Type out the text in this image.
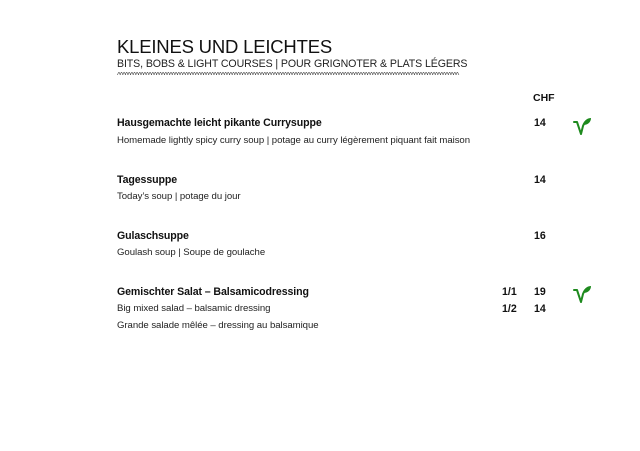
KLEINES UND LEICHTES
BITS, BOBS & LIGHT COURSES | POUR GRIGNOTER & PLATS LÉGERS
^^^^^^^^^^^^^^^^^^^^^^^^^^^^^^^^^^^^^^^^^^^^^^^^^^^^^^^^^^^^^^^^^^^^^^^^^^^^^^^^^^^^^^^^^^^^^^^^^^^^^^^^^^^^^^^^^^^^^^^^^^^^^^^^^^^
CHF
Hausgemachte leicht pikante Currysuppe
Homemade lightly spicy curry soup | potage au curry légèrement piquant fait maison
14
Tagessuppe
Today’s soup | potage du jour
14
Gulaschsuppe
Goulash soup | Soupe de goulache
16
Gemischter Salat – Balsamicodressing
Big mixed salad – balsamic dressing
Grande salade mêlée – dressing au balsamique
1/1 19
1/2 14
